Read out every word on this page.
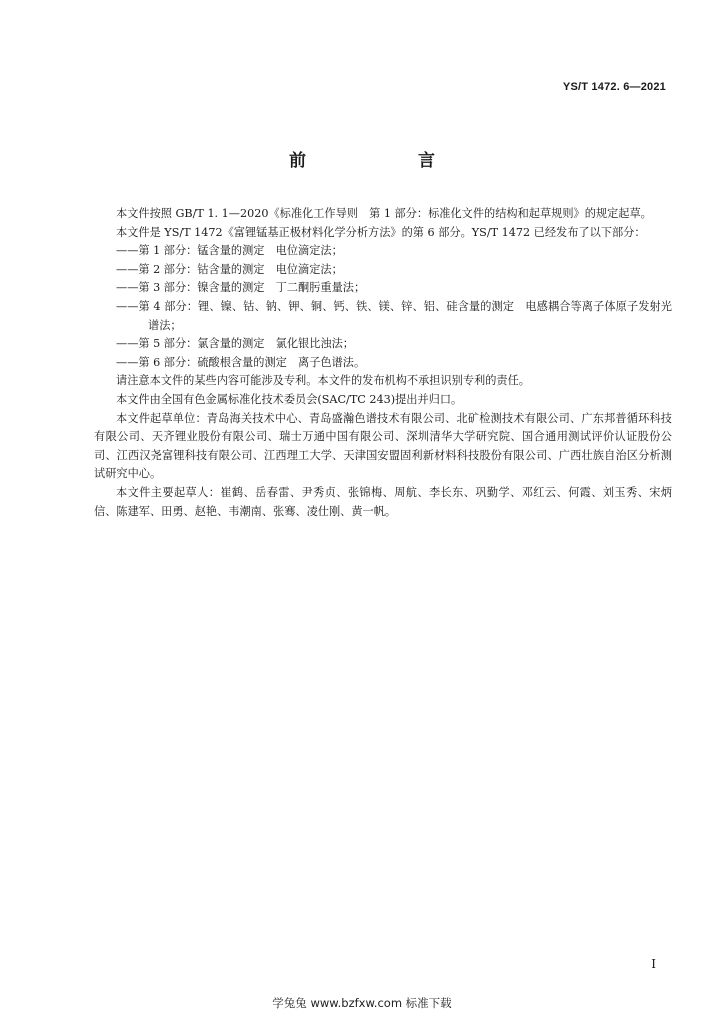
YS/T 1472. 6—2021
前　　言

本文件按照 GB/T 1. 1—2020《标准化工作导则　第 1 部分：标准化文件的结构和起草规则》的规定起草。

本文件是 YS/T 1472《富锂锰基正极材料化学分析方法》的第 6 部分。YS/T 1472 已经发布了以下部分：

——第 1 部分：锰含量的测定　电位滴定法；
——第 2 部分：钴含量的测定　电位滴定法；
——第 3 部分：镍含量的测定　丁二酮肟重量法；
——第 4 部分：锂、镍、钴、钠、钾、铜、钙、铁、镁、锌、铝、硅含量的测定　电感耦合等离子体原子发射光谱法；
——第 5 部分：氯含量的测定　氯化银比浊法；
——第 6 部分：硫酸根含量的测定　离子色谱法。

请注意本文件的某些内容可能涉及专利。本文件的发布机构不承担识别专利的责任。

本文件由全国有色金属标准化技术委员会(SAC/TC 243)提出并归口。

本文件起草单位：青岛海关技术中心、青岛盛瀚色谱技术有限公司、北矿检测技术有限公司、广东邦普循环科技有限公司、天齐锂业股份有限公司、瑞士万通中国有限公司、深圳清华大学研究院、国合通用测试评价认证股份公司、江西汉尧富锂科技有限公司、江西理工大学、天津国安盟固利新材料科技股份有限公司、广西壮族自治区分析测试研究中心。

本文件主要起草人：崔鹤、岳春雷、尹秀贞、张锦梅、周航、李长东、巩勤学、邓红云、何霞、刘玉秀、宋炳信、陈建军、田勇、赵艳、韦潮南、张骞、凌仕刚、黄一帆。

I
学兔兔 www.bzfxw.com 标准下载
